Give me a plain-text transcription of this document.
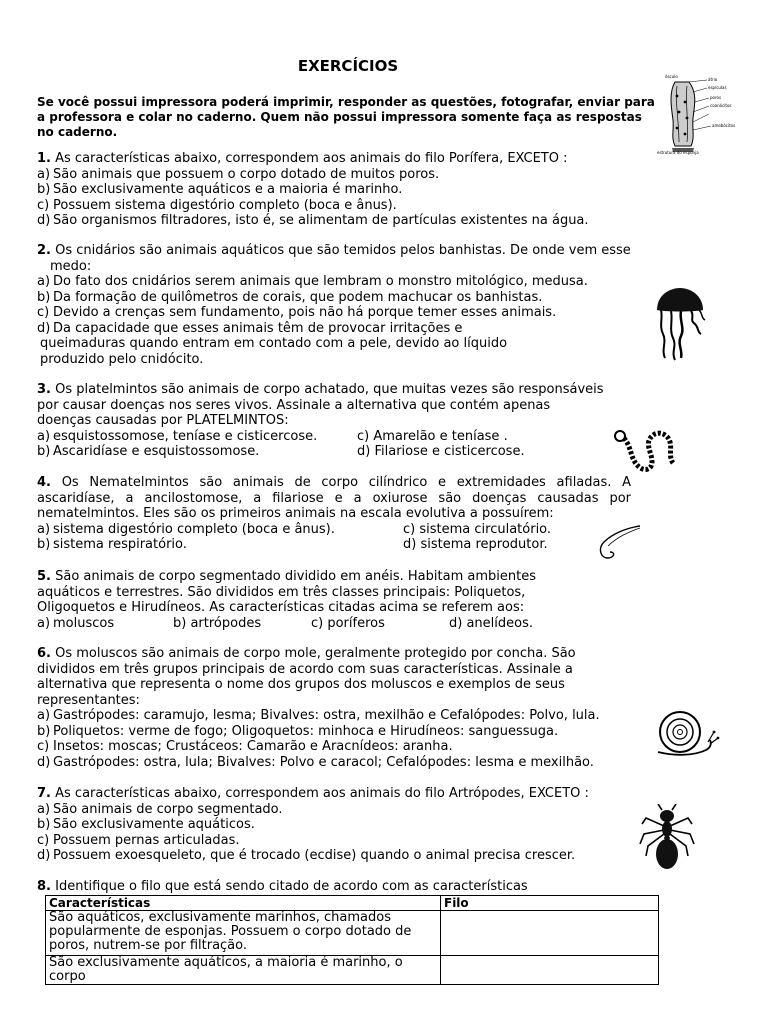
EXERCÍCIOS
Se você possui impressora poderá imprimir, responder as questões, fotografar, enviar para a professora e colar no caderno. Quem não possui impressora somente faça as respostas no caderno.
1. As características abaixo, correspondem aos animais do filo Porífera, EXCETO :
a) São animais que possuem o corpo dotado de muitos poros.
b) São exclusivamente aquáticos e a maioria é marinho.
c) Possuem sistema digestório completo (boca e ânus).
d) São organismos filtradores, isto é, se alimentam de partículas existentes na água.
2. Os cnidários são animais aquáticos que são temidos pelos banhistas. De onde vem esse
medo:
a) Do fato dos cnidários serem animais que lembram o monstro mitológico, medusa.
b) Da formação de quilômetros de corais, que podem machucar os banhistas.
c) Devido a crenças sem fundamento, pois não há porque temer esses animais.
d) Da capacidade que esses animais têm de provocar irritações e
queimaduras quando entram em contado com a pele, devido ao líquido
produzido pelo cnidócito.
3. Os platelmintos são animais de corpo achatado, que muitas vezes são responsáveis
por causar doenças nos seres vivos. Assinale a alternativa que contém apenas
doenças causadas por PLATELMINTOS:
a) esquistossomose, teníase e cisticercose.	c) Amarelão e teníase .
b) Ascaridíase e esquistossomose.	d) Filariose e cisticercose.
4. Os Nematelmintos são animais de corpo cilíndrico e extremidades afiladas. A
ascaridíase, a ancilostomose, a filariose e a oxiurose são doenças causadas por
nematelmintos. Eles são os primeiros animais na escala evolutiva a possuírem:
a) sistema digestório completo (boca e ânus).	c) sistema circulatório.
b) sistema respiratório.	d) sistema reprodutor.
5. São animais de corpo segmentado dividido em anéis. Habitam ambientes
aquáticos e terrestres. São divididos em três classes principais: Poliquetos,
Oligoquetos e Hirudíneos. As características citadas acima se referem aos:
a) moluscos	b) artrópodes	c) poríferos	d) anelídeos.
6. Os moluscos são animais de corpo mole, geralmente protegido por concha. São
divididos em três grupos principais de acordo com suas características. Assinale a
alternativa que representa o nome dos grupos dos moluscos e exemplos de seus
representantes:
a) Gastrópodes: caramujo, lesma; Bivalves: ostra, mexilhão e Cefalópodes: Polvo, lula.
b) Poliquetos: verme de fogo; Oligoquetos: minhoca e Hirudíneos: sanguessuga.
c) Insetos: moscas; Crustáceos: Camarão e Aracnídeos: aranha.
d) Gastrópodes: ostra, lula; Bivalves: Polvo e caracol; Cefalópodes: lesma e mexilhão.
7. As características abaixo, correspondem aos animais do filo Artrópodes, EXCETO :
a) São animais de corpo segmentado.
b) São exclusivamente aquáticos.
c) Possuem pernas articuladas.
d) Possuem exoesqueleto, que é trocado (ecdise) quando o animal precisa crescer.
8. Identifique o filo que está sendo citado de acordo com as características
Características	Filo
São aquáticos, exclusivamente marinhos, chamados popularmente de esponjas. Possuem o corpo dotado de poros, nutrem-se por filtração.	
São exclusivamente aquáticos, a maioria é marinho, o corpo	
ósculo
átrio
espículas
poros
coanócitos
amebócitos
estrutura do esponja
